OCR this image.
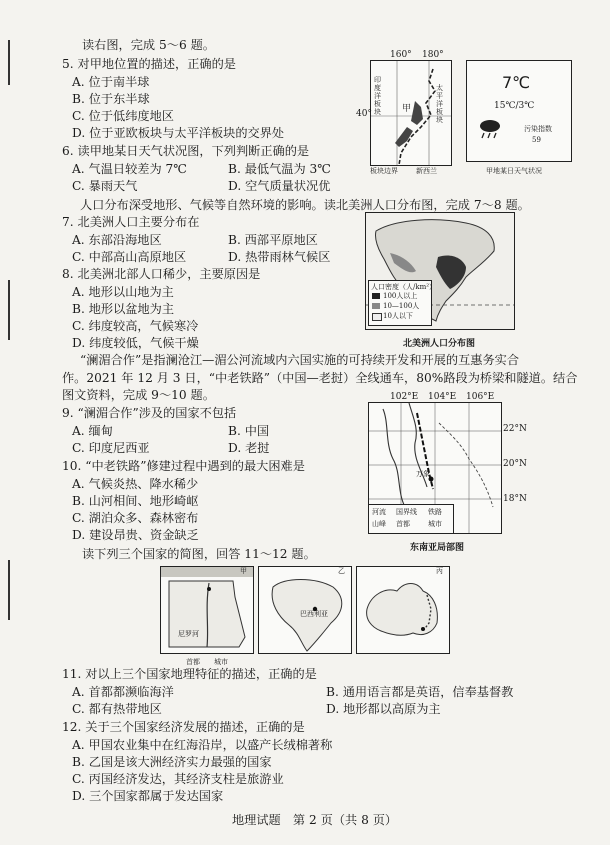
读右图，完成 5～6 题。
5. 对甲地位置的描述，正确的是
A. 位于南半球
B. 位于东半球
C. 位于低纬度地区
D. 位于亚欧板块与太平洋板块的交界处
6. 读甲地某日天气状况图，下列判断正确的是
A. 气温日较差为 7℃	B. 最低气温为 3℃
C. 暴雨天气	D. 空气质量状况优
160° 180°
40°
印度洋板块
太平洋板块
甲
板块边界	新西兰
7℃
15℃/3℃
污染指数
59
甲地某日天气状况
人口分布深受地形、气候等自然环境的影响。读北美洲人口分布图，完成 7～8 题。
7. 北美洲人口主要分布在
A. 东部沿海地区	B. 西部平原地区
C. 中部高山高原地区	D. 热带雨林气候区
8. 北美洲北部人口稀少，主要原因是
A. 地形以山地为主
B. 地形以盆地为主
C. 纬度较高，气候寒冷
D. 纬度较低，气候干燥
人口密度（人/km²）
100人以上
10—100人
10人以下
北美洲人口分布图
“澜湄合作”是指澜沧江—湄公河流域内六国实施的可持续开发和开展的互惠务实合
作。2021 年 12 月 3 日，“中老铁路”（中国—老挝）全线通车，80%路段为桥梁和隧道。结合
图文资料，完成 9～10 题。
9. “澜湄合作”涉及的国家不包括
A. 缅甸	B. 中国
C. 印度尼西亚	D. 老挝
10. “中老铁路”修建过程中遇到的最大困难是
A. 气候炎热、降水稀少
B. 山河相间、地形崎岖
C. 湖泊众多、森林密布
D. 建设昂贵、资金缺乏
102°E 104°E 106°E
22°N
20°N
18°N
万象
河流 国界线 铁路
山峰 首都	城市
东南亚局部图
读下列三个国家的简图，回答 11～12 题。
甲
尼罗河
乙
巴西利亚
丙
首都 城市
11. 对以上三个国家地理特征的描述，正确的是
A. 首都都濒临海洋	B. 通用语言都是英语，信奉基督教
C. 都有热带地区	D. 地形都以高原为主
12. 关于三个国家经济发展的描述，正确的是
A. 甲国农业集中在红海沿岸，以盛产长绒棉著称
B. 乙国是该大洲经济实力最强的国家
C. 丙国经济发达，其经济支柱是旅游业
D. 三个国家都属于发达国家
地理试题　第 2 页（共 8 页）
